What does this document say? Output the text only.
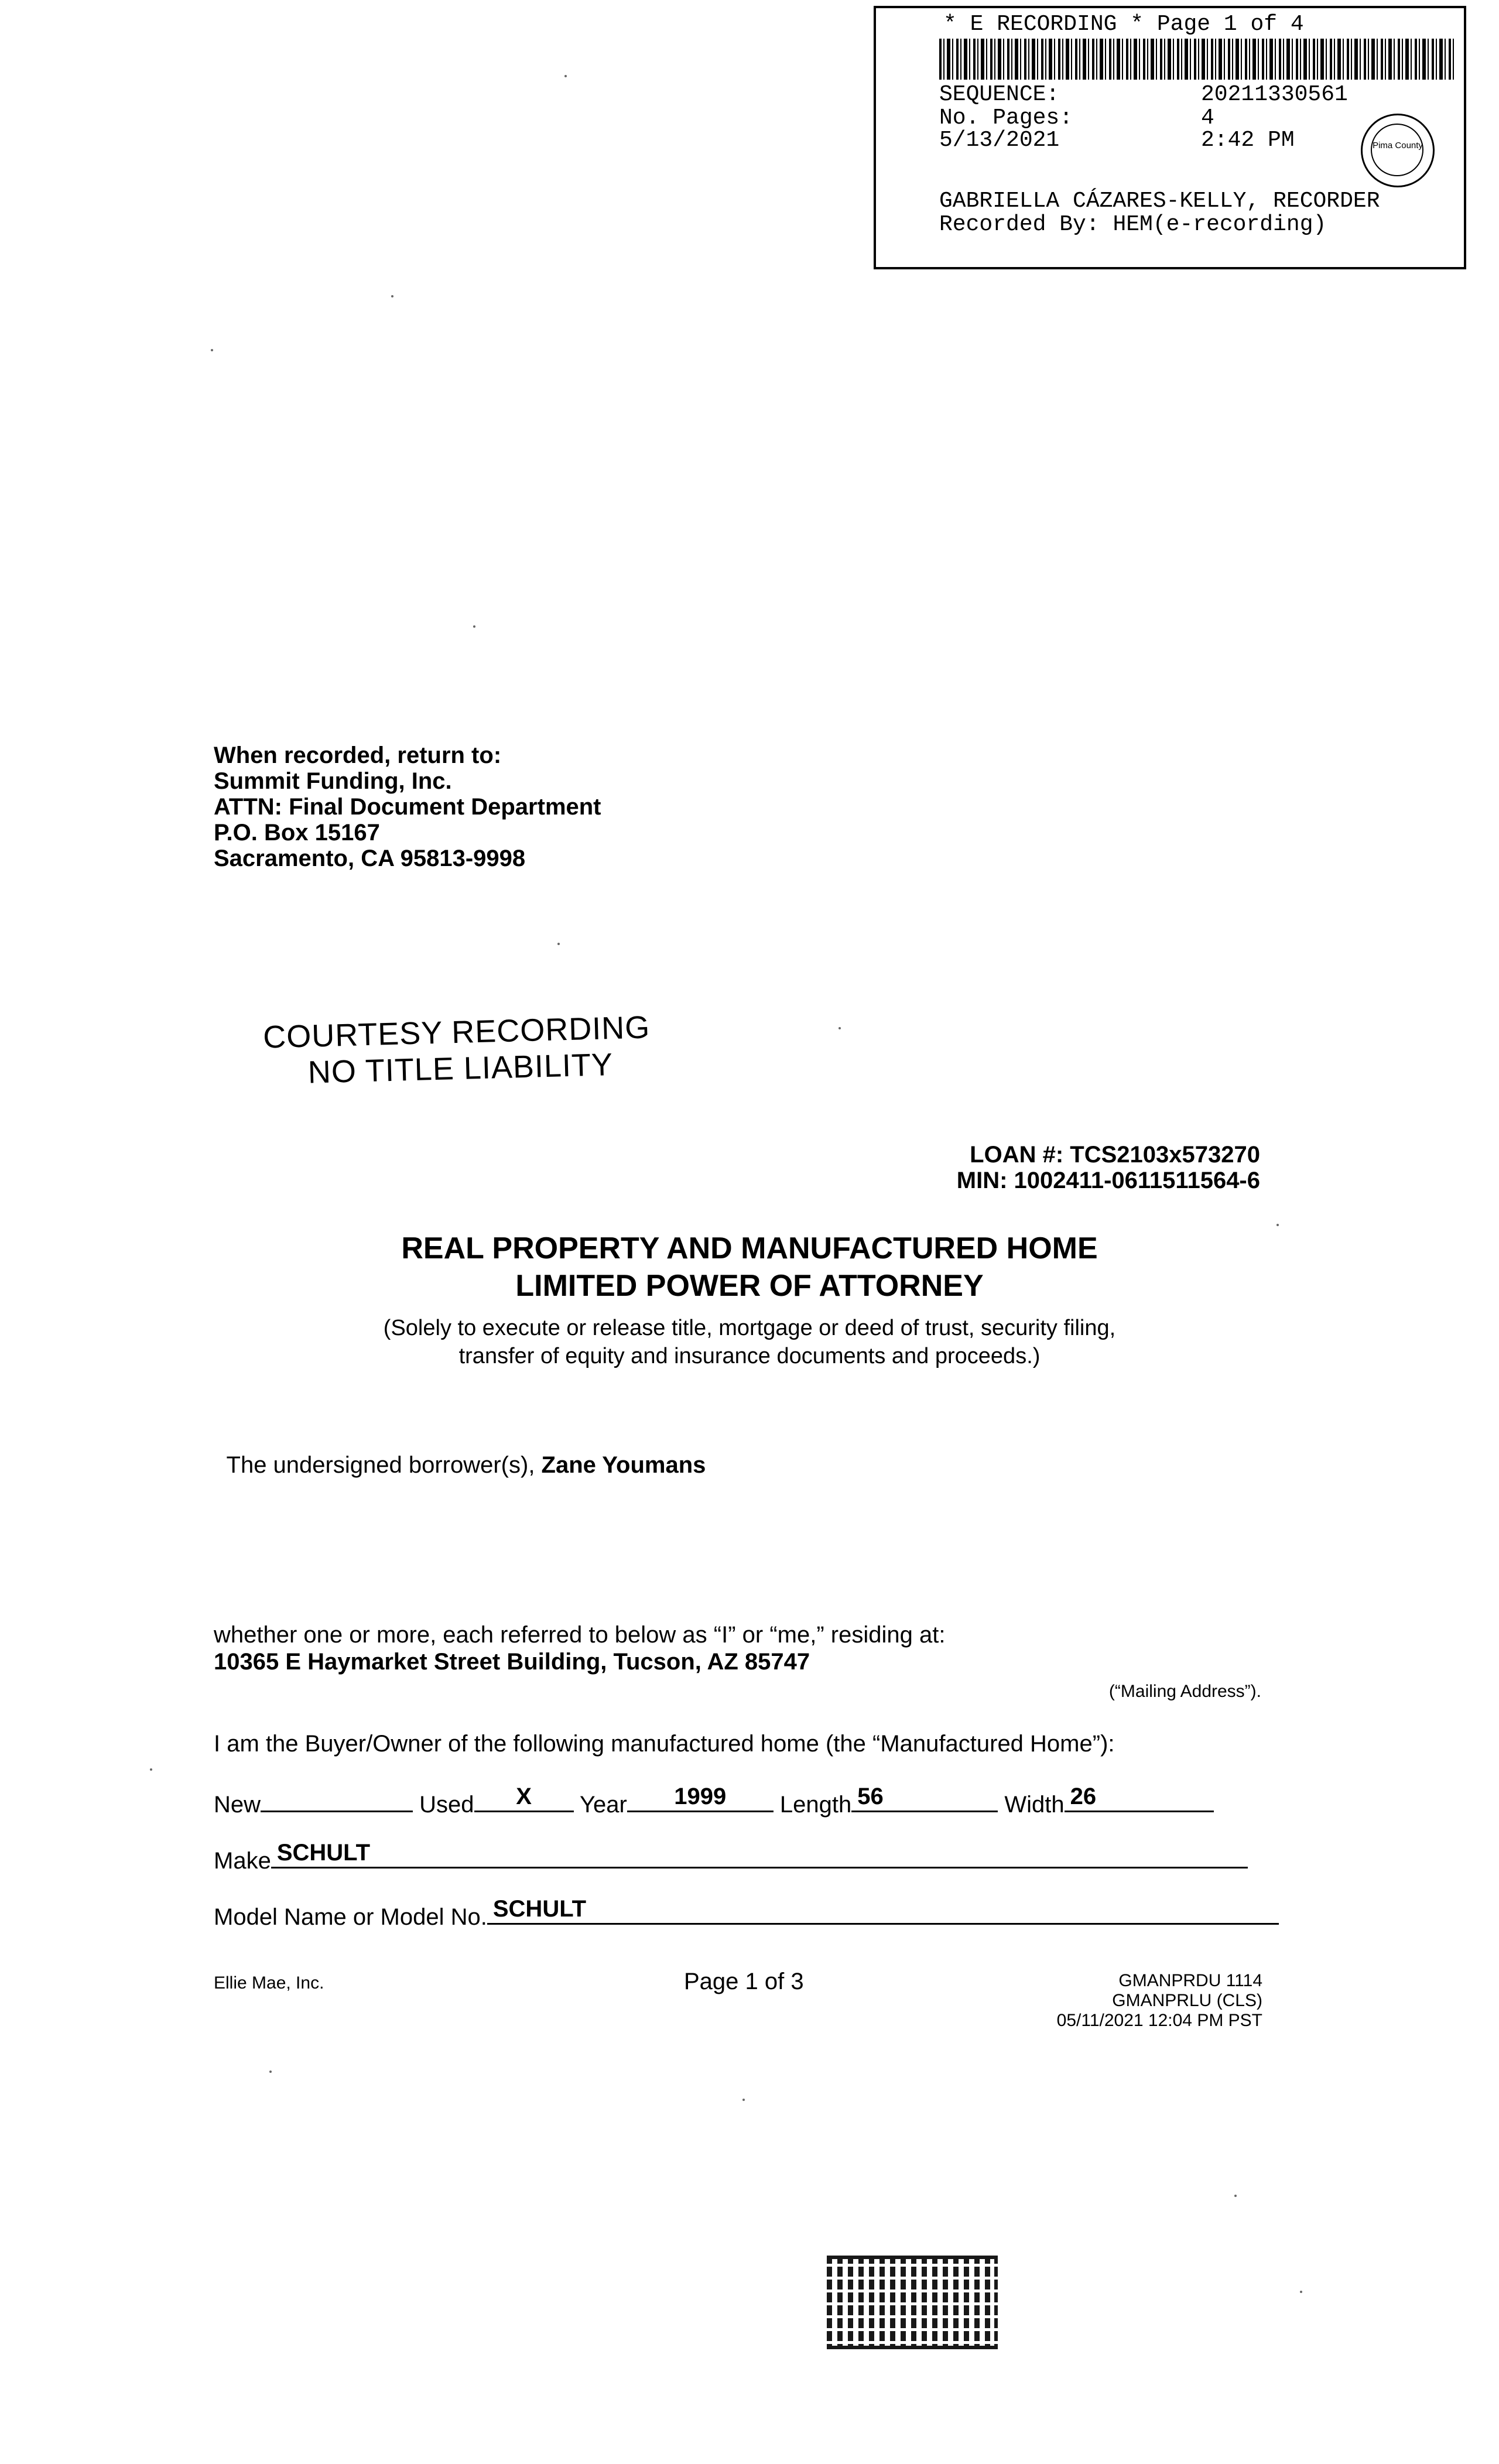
* E RECORDING * Page 1 of 4
SEQUENCE:	20211330561
No. Pages:	4
5/13/2021	2:42 PM	Pima County
GABRIELLA CÁZARES-KELLY, RECORDER
Recorded By: HEM(e-recording)
When recorded, return to:
Summit Funding, Inc.
ATTN: Final Document Department
P.O. Box 15167
Sacramento, CA 95813-9998
COURTESY RECORDING
NO TITLE LIABILITY
LOAN #: TCS2103x573270
MIN: 1002411-0611511564-6
REAL PROPERTY AND MANUFACTURED HOME
LIMITED POWER OF ATTORNEY
(Solely to execute or release title, mortgage or deed of trust, security filing,
transfer of equity and insurance documents and proceeds.)

The undersigned borrower(s), Zane Youmans

whether one or more, each referred to below as “I” or “me,” residing at:
10365 E Haymarket Street Building, Tucson, AZ 85747
(“Mailing Address”).
I am the Buyer/Owner of the following manufactured home (the “Manufactured Home”):
New	Used	X	Year	1999	Length 56	Width 26
Make SCHULT
Model Name or Model No. SCHULT
Ellie Mae, Inc.	Page 1 of 3	GMANPRDU 1114
GMANPRLU (CLS)
05/11/2021 12:04 PM PST
